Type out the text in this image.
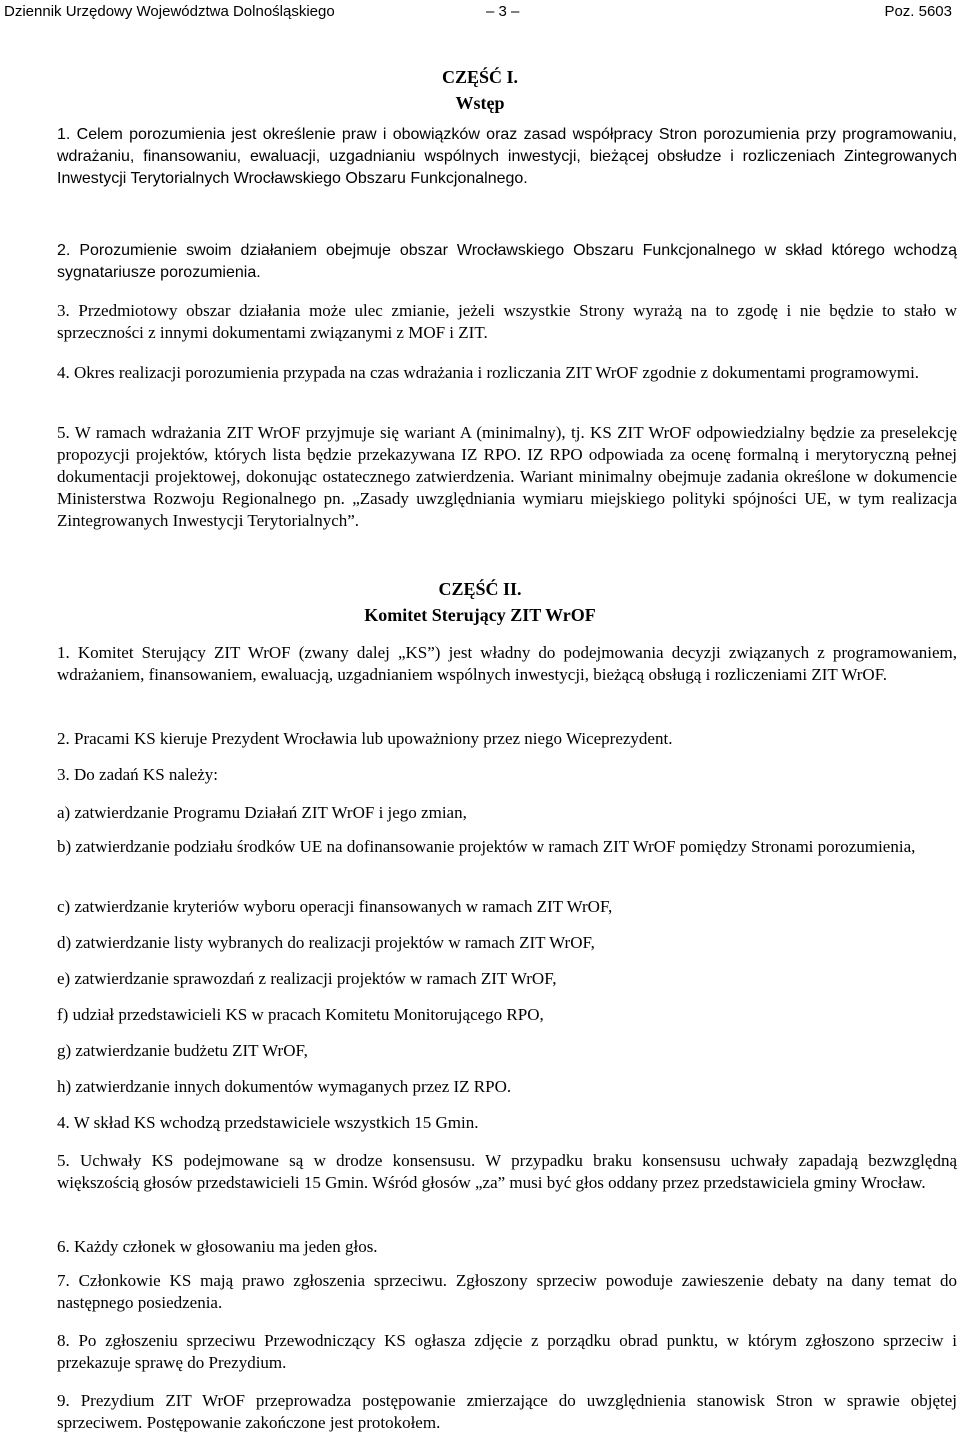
Dziennik Urzędowy Województwa Dolnośląskiego	– 3 –	Poz. 5603
CZĘŚĆ I.
Wstęp

1. Celem porozumienia jest określenie praw i obowiązków oraz zasad współpracy Stron porozumienia przy programowaniu, wdrażaniu, finansowaniu, ewaluacji, uzgadnianiu wspólnych inwestycji, bieżącej obsłudze i rozliczeniach Zintegrowanych Inwestycji Terytorialnych Wrocławskiego Obszaru Funkcjonalnego.

2. Porozumienie swoim działaniem obejmuje obszar Wrocławskiego Obszaru Funkcjonalnego w skład którego wchodzą sygnatariusze porozumienia.

3. Przedmiotowy obszar działania może ulec zmianie, jeżeli wszystkie Strony wyrażą na to zgodę i nie będzie to stało w sprzeczności z innymi dokumentami związanymi z MOF i ZIT.

4. Okres realizacji porozumienia przypada na czas wdrażania i rozliczania ZIT WrOF zgodnie z dokumentami programowymi.

5. W ramach wdrażania ZIT WrOF przyjmuje się wariant A (minimalny), tj. KS ZIT WrOF odpowiedzialny będzie za preselekcję propozycji projektów, których lista będzie przekazywana IZ RPO. IZ RPO odpowiada za ocenę formalną i merytoryczną pełnej dokumentacji projektowej, dokonując ostatecznego zatwierdzenia. Wariant minimalny obejmuje zadania określone w dokumencie Ministerstwa Rozwoju Regionalnego pn. „Zasady uwzględniania wymiaru miejskiego polityki spójności UE, w tym realizacja Zintegrowanych Inwestycji Terytorialnych”.

CZĘŚĆ II.
Komitet Sterujący ZIT WrOF

1. Komitet Sterujący ZIT WrOF (zwany dalej „KS”) jest władny do podejmowania decyzji związanych z programowaniem, wdrażaniem, finansowaniem, ewaluacją, uzgadnianiem wspólnych inwestycji, bieżącą obsługą i rozliczeniami ZIT WrOF.

2. Pracami KS kieruje Prezydent Wrocławia lub upoważniony przez niego Wiceprezydent.

3. Do zadań KS należy:

a) zatwierdzanie Programu Działań ZIT WrOF i jego zmian,

b) zatwierdzanie podziału środków UE na dofinansowanie projektów w ramach ZIT WrOF pomiędzy Stronami porozumienia,

c) zatwierdzanie kryteriów wyboru operacji finansowanych w ramach ZIT WrOF,

d) zatwierdzanie listy wybranych do realizacji projektów w ramach ZIT WrOF,

e) zatwierdzanie sprawozdań z realizacji projektów w ramach ZIT WrOF,

f) udział przedstawicieli KS w pracach Komitetu Monitorującego RPO,

g) zatwierdzanie budżetu ZIT WrOF,

h) zatwierdzanie innych dokumentów wymaganych przez IZ RPO.

4. W skład KS wchodzą przedstawiciele wszystkich 15 Gmin.

5. Uchwały KS podejmowane są w drodze konsensusu. W przypadku braku konsensusu uchwały zapadają bezwzględną większością głosów przedstawicieli 15 Gmin. Wśród głosów „za” musi być głos oddany przez przedstawiciela gminy Wrocław.

6. Każdy członek w głosowaniu ma jeden głos.

7. Członkowie KS mają prawo zgłoszenia sprzeciwu. Zgłoszony sprzeciw powoduje zawieszenie debaty na dany temat do następnego posiedzenia.

8. Po zgłoszeniu sprzeciwu Przewodniczący KS ogłasza zdjęcie z porządku obrad punktu, w którym zgłoszono sprzeciw i przekazuje sprawę do Prezydium.

9. Prezydium ZIT WrOF przeprowadza postępowanie zmierzające do uwzględnienia stanowisk Stron w sprawie objętej sprzeciwem. Postępowanie zakończone jest protokołem.
